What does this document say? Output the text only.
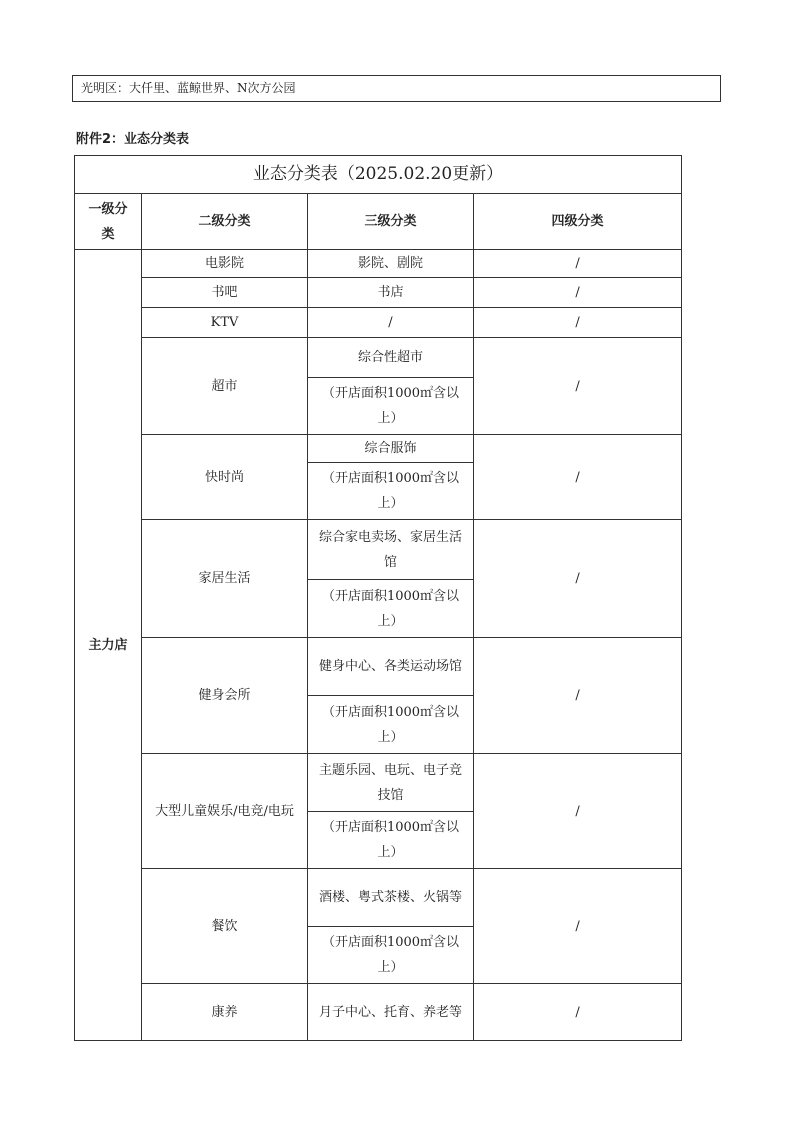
光明区：大仟里、蓝鲸世界、N次方公园
附件2：业态分类表
业态分类表（2025.02.20更新）			
一级分类	二级分类	三级分类	四级分类
主力店	电影院	影院、剧院	/
	书吧	书店	/
	KTV	/	/
	超市	综合性超市	/
		（开店面积1000㎡含以上）	
	快时尚	综合服饰	/
		（开店面积1000㎡含以上）	
	家居生活	综合家电卖场、家居生活馆	/
		（开店面积1000㎡含以上）	
	健身会所	健身中心、各类运动场馆	/
		（开店面积1000㎡含以上）	
	大型儿童娱乐/电竞/电玩	主题乐园、电玩、电子竞技馆	/
		（开店面积1000㎡含以上）	
	餐饮	酒楼、粤式茶楼、火锅等	/
		（开店面积1000㎡含以上）	
	康养	月子中心、托育、养老等	/
